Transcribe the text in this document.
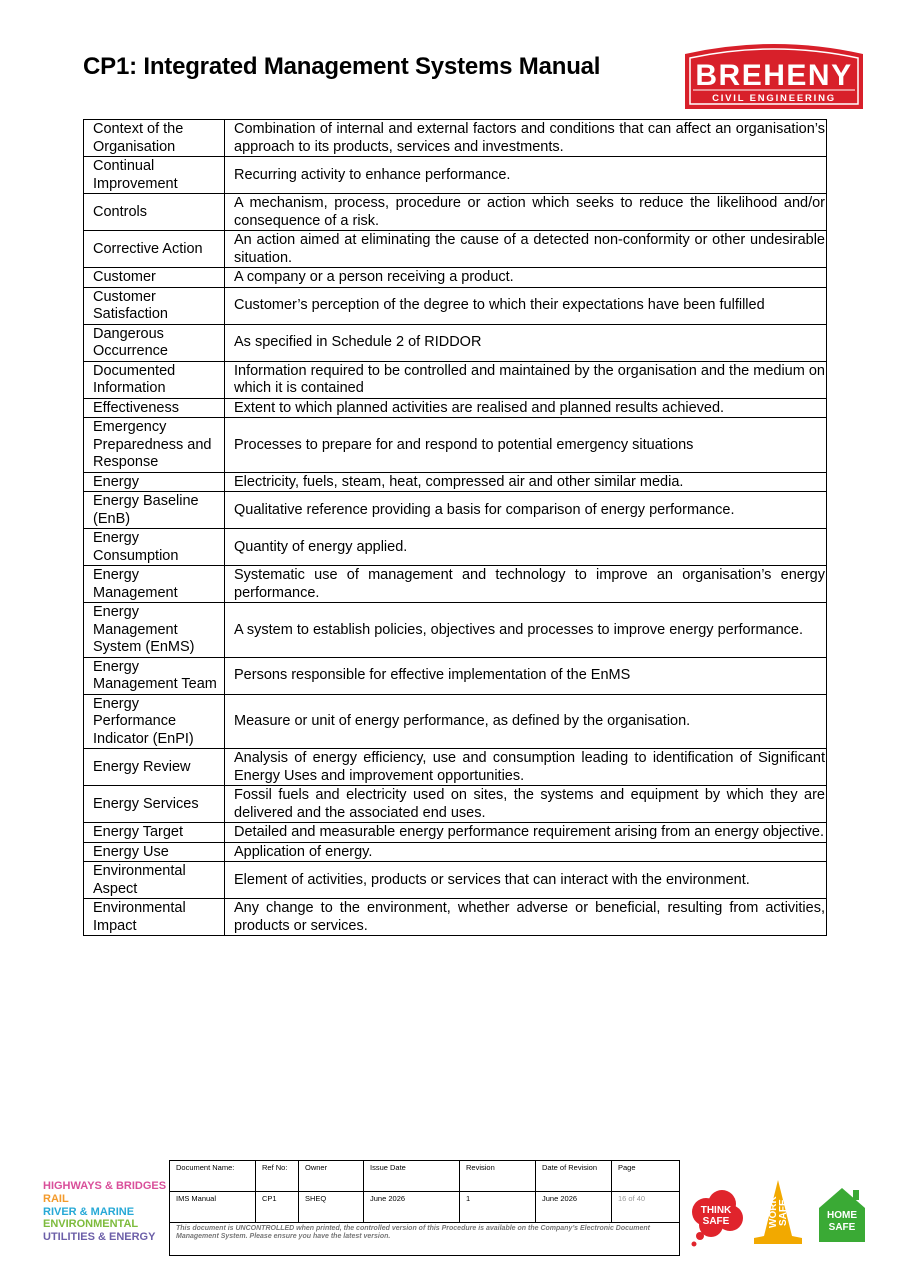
CP1: Integrated Management Systems Manual	BREHENY
CIVIL ENGINEERING
Context of the Organisation	Combination of internal and external factors and conditions that can affect an organisation’s approach to its products, services and investments.
Continual Improvement	Recurring activity to enhance performance.
Controls	A mechanism, process, procedure or action which seeks to reduce the likelihood and/or consequence of a risk.
Corrective Action	An action aimed at eliminating the cause of a detected non-conformity or other undesirable situation.
Customer	A company or a person receiving a product.
Customer Satisfaction	Customer’s perception of the degree to which their expectations have been fulfilled
Dangerous Occurrence	As specified in Schedule 2 of RIDDOR
Documented Information	Information required to be controlled and maintained by the organisation and the medium on which it is contained
Effectiveness	Extent to which planned activities are realised and planned results achieved.
Emergency Preparedness and Response	Processes to prepare for and respond to potential emergency situations
Energy	Electricity, fuels, steam, heat, compressed air and other similar media.
Energy Baseline (EnB)	Qualitative reference providing a basis for comparison of energy performance.
Energy Consumption	Quantity of energy applied.
Energy Management	Systematic use of management and technology to improve an organisation’s energy performance.
Energy Management System (EnMS)	A system to establish policies, objectives and processes to improve energy performance.
Energy Management Team	Persons responsible for effective implementation of the EnMS
Energy Performance Indicator (EnPI)	Measure or unit of energy performance, as defined by the organisation.
Energy Review	Analysis of energy efficiency, use and consumption leading to identification of Significant Energy Uses and improvement opportunities.
Energy Services	Fossil fuels and electricity used on sites, the systems and equipment by which they are delivered and the associated end uses.
Energy Target	Detailed and measurable energy performance requirement arising from an energy objective.
Energy Use	Application of energy.
Environmental Aspect	Element of activities, products or services that can interact with the environment.
Environmental Impact	Any change to the environment, whether adverse or beneficial, resulting from activities, products or services.
HIGHWAYS & BRIDGES
RAIL
RIVER & MARINE
ENVIRONMENTAL
UTILITIES & ENERGY
Document Name:	Ref No:	Owner	Issue Date	Revision	Date of Revision	Page
IMS Manual	CP1	SHEQ	June 2026	1	June 2026	16 of 40
This document is UNCONTROLLED when printed, the controlled version of this Procedure is available on the Company’s Electronic Document Management System. Please ensure you have the latest version.						
THINK
SAFE	WORK SAFE	HOME
SAFE
